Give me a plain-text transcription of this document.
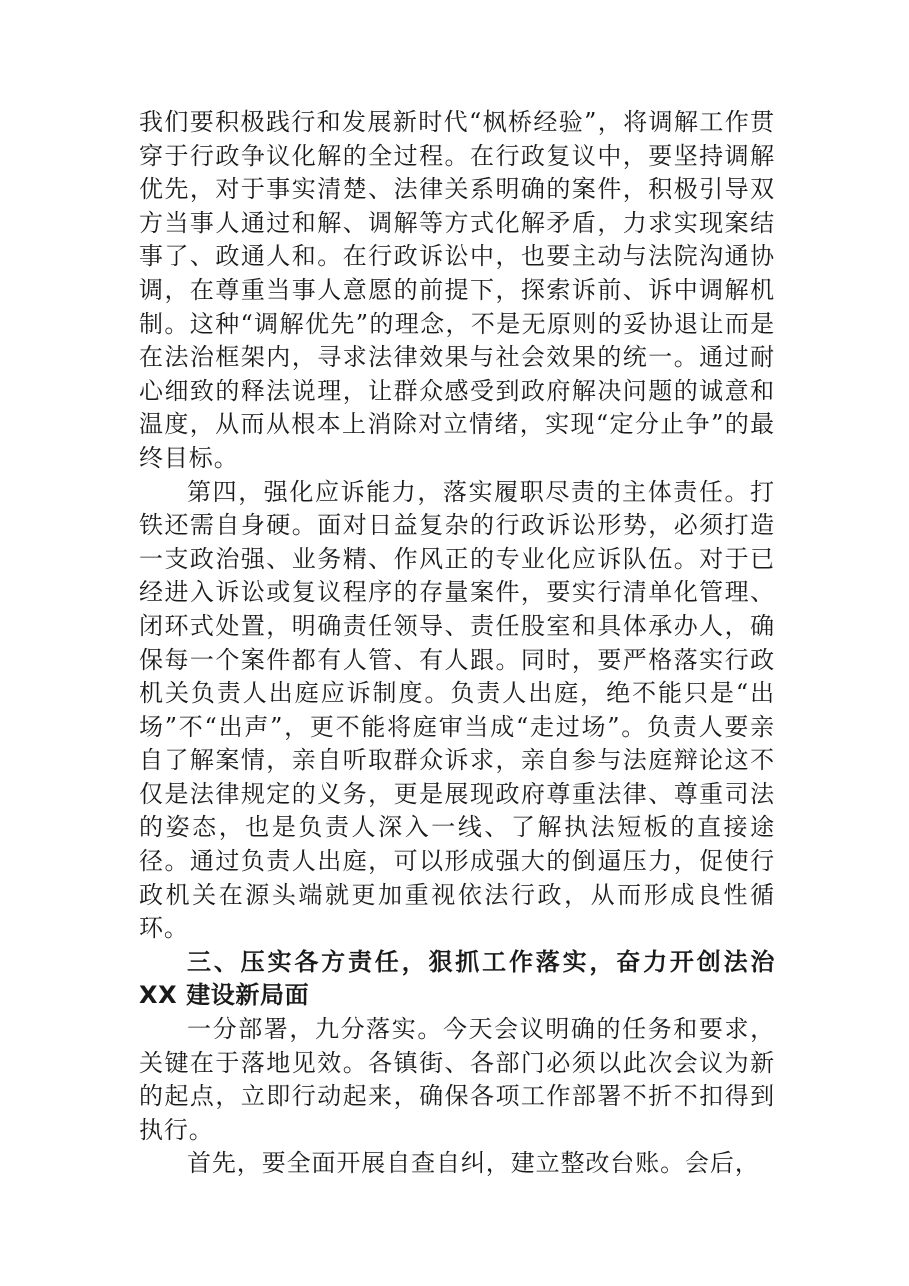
我们要积极践行和发展新时代“枫桥经验”，将调解工作贯穿于行政争议化解的全过程。在行政复议中，要坚持调解优先，对于事实清楚、法律关系明确的案件，积极引导双方当事人通过和解、调解等方式化解矛盾，力求实现案结事了、政通人和。在行政诉讼中，也要主动与法院沟通协调，在尊重当事人意愿的前提下，探索诉前、诉中调解机制。这种“调解优先”的理念，不是无原则的妥协退让而是在法治框架内，寻求法律效果与社会效果的统一。通过耐心细致的释法说理，让群众感受到政府解决问题的诚意和温度，从而从根本上消除对立情绪，实现“定分止争”的最终目标。

第四，强化应诉能力，落实履职尽责的主体责任。打铁还需自身硬。面对日益复杂的行政诉讼形势，必须打造一支政治强、业务精、作风正的专业化应诉队伍。对于已经进入诉讼或复议程序的存量案件，要实行清单化管理、闭环式处置，明确责任领导、责任股室和具体承办人，确保每一个案件都有人管、有人跟。同时，要严格落实行政机关负责人出庭应诉制度。负责人出庭，绝不能只是“出场”不“出声”，更不能将庭审当成“走过场”。负责人要亲自了解案情，亲自听取群众诉求，亲自参与法庭辩论这不仅是法律规定的义务，更是展现政府尊重法律、尊重司法的姿态，也是负责人深入一线、了解执法短板的直接途径。通过负责人出庭，可以形成强大的倒逼压力，促使行政机关在源头端就更加重视依法行政，从而形成良性循环。

三、压实各方责任，狠抓工作落实，奋力开创法治 XX 建设新局面

一分部署，九分落实。今天会议明确的任务和要求，关键在于落地见效。各镇街、各部门必须以此次会议为新的起点，立即行动起来，确保各项工作部署不折不扣得到执行。

首先，要全面开展自查自纠，建立整改台账。会后，
